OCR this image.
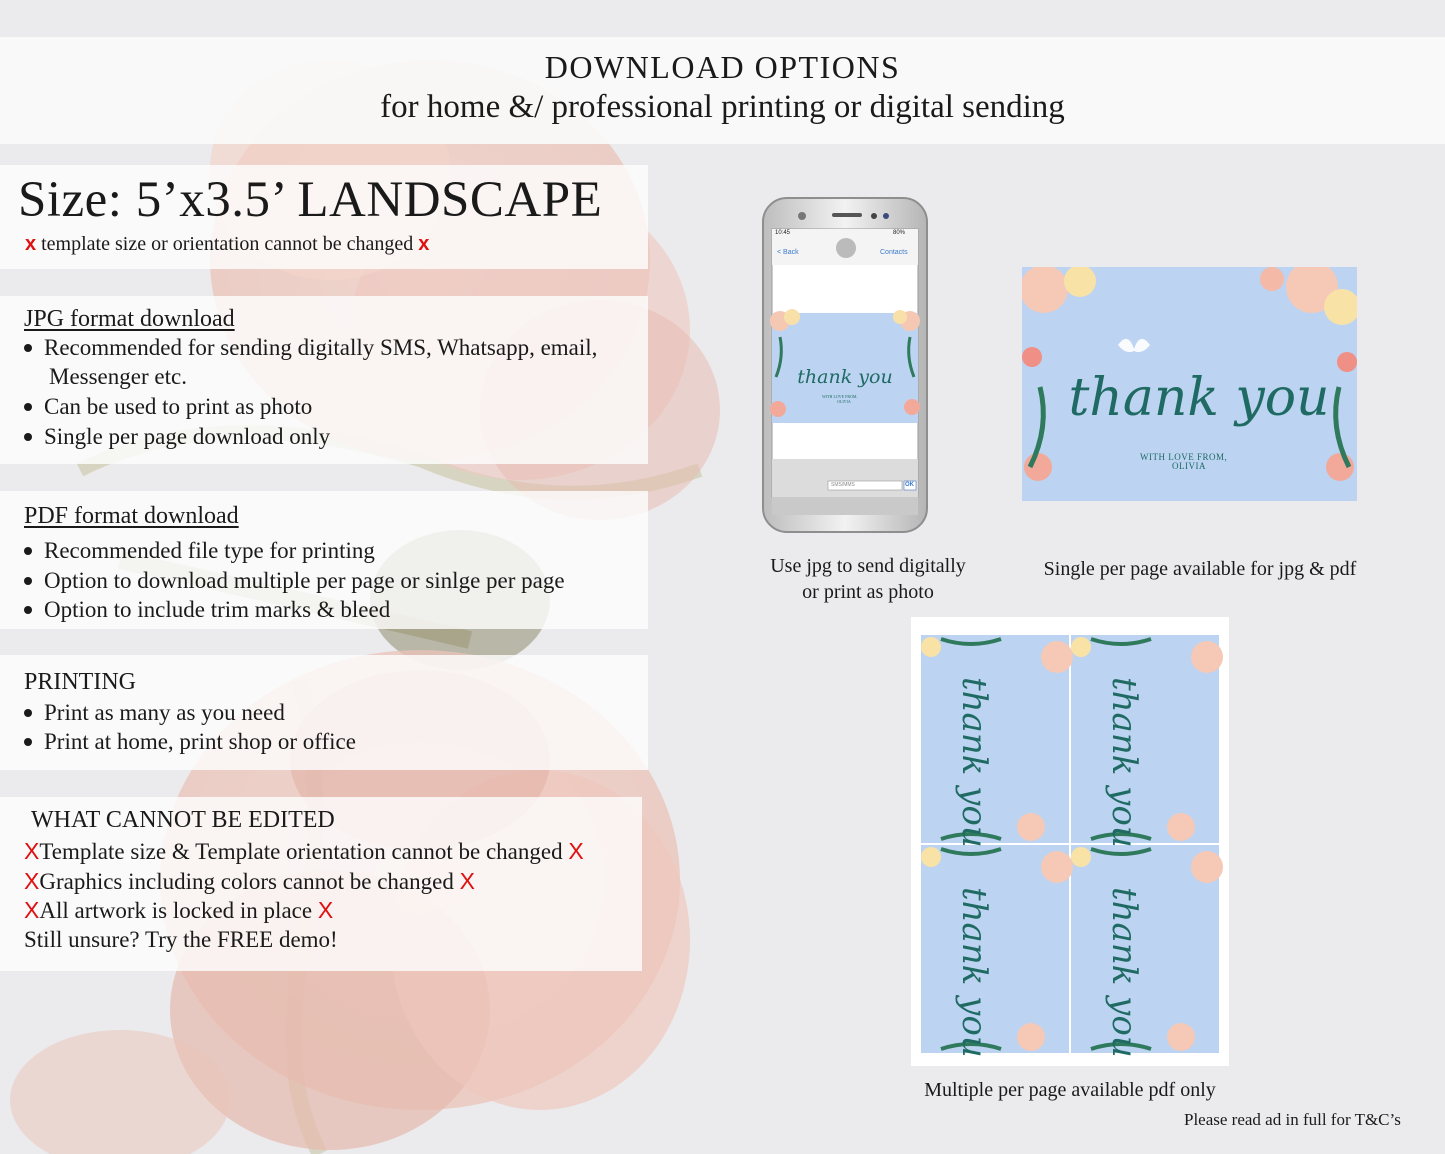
DOWNLOAD OPTIONS
for home &/ professional printing or digital sending
Size: 5’x3.5’ LANDSCAPE
x template size or orientation cannot be changed x
JPG format download
Recommended for sending digitally SMS, Whatsapp, email,
Messenger etc.
Can be used to print as photo
Single per page download only
PDF format download
Recommended file type for printing
Option to download multiple per page or sinlge per page
Option to include trim marks & bleed
PRINTING
Print as many as you need
Print at home, print shop or office
WHAT CANNOT BE EDITED
XTemplate size & Template orientation cannot be changed X
XGraphics including colors cannot be changed X
XAll artwork is locked in place X
Still unsure? Try the FREE demo!
thank you
10:45	80%
< Back	Contacts
WITH LOVE FROM,
OLIVIA
SMS/MMS	OK
Use jpg to send digitally
or print as photo
thank you
WITH LOVE FROM,
OLIVIA
Single per page available for jpg & pdf
thank you	thank you
thank you	thank you
Multiple per page available pdf only
Please read ad in full for T&C’s
